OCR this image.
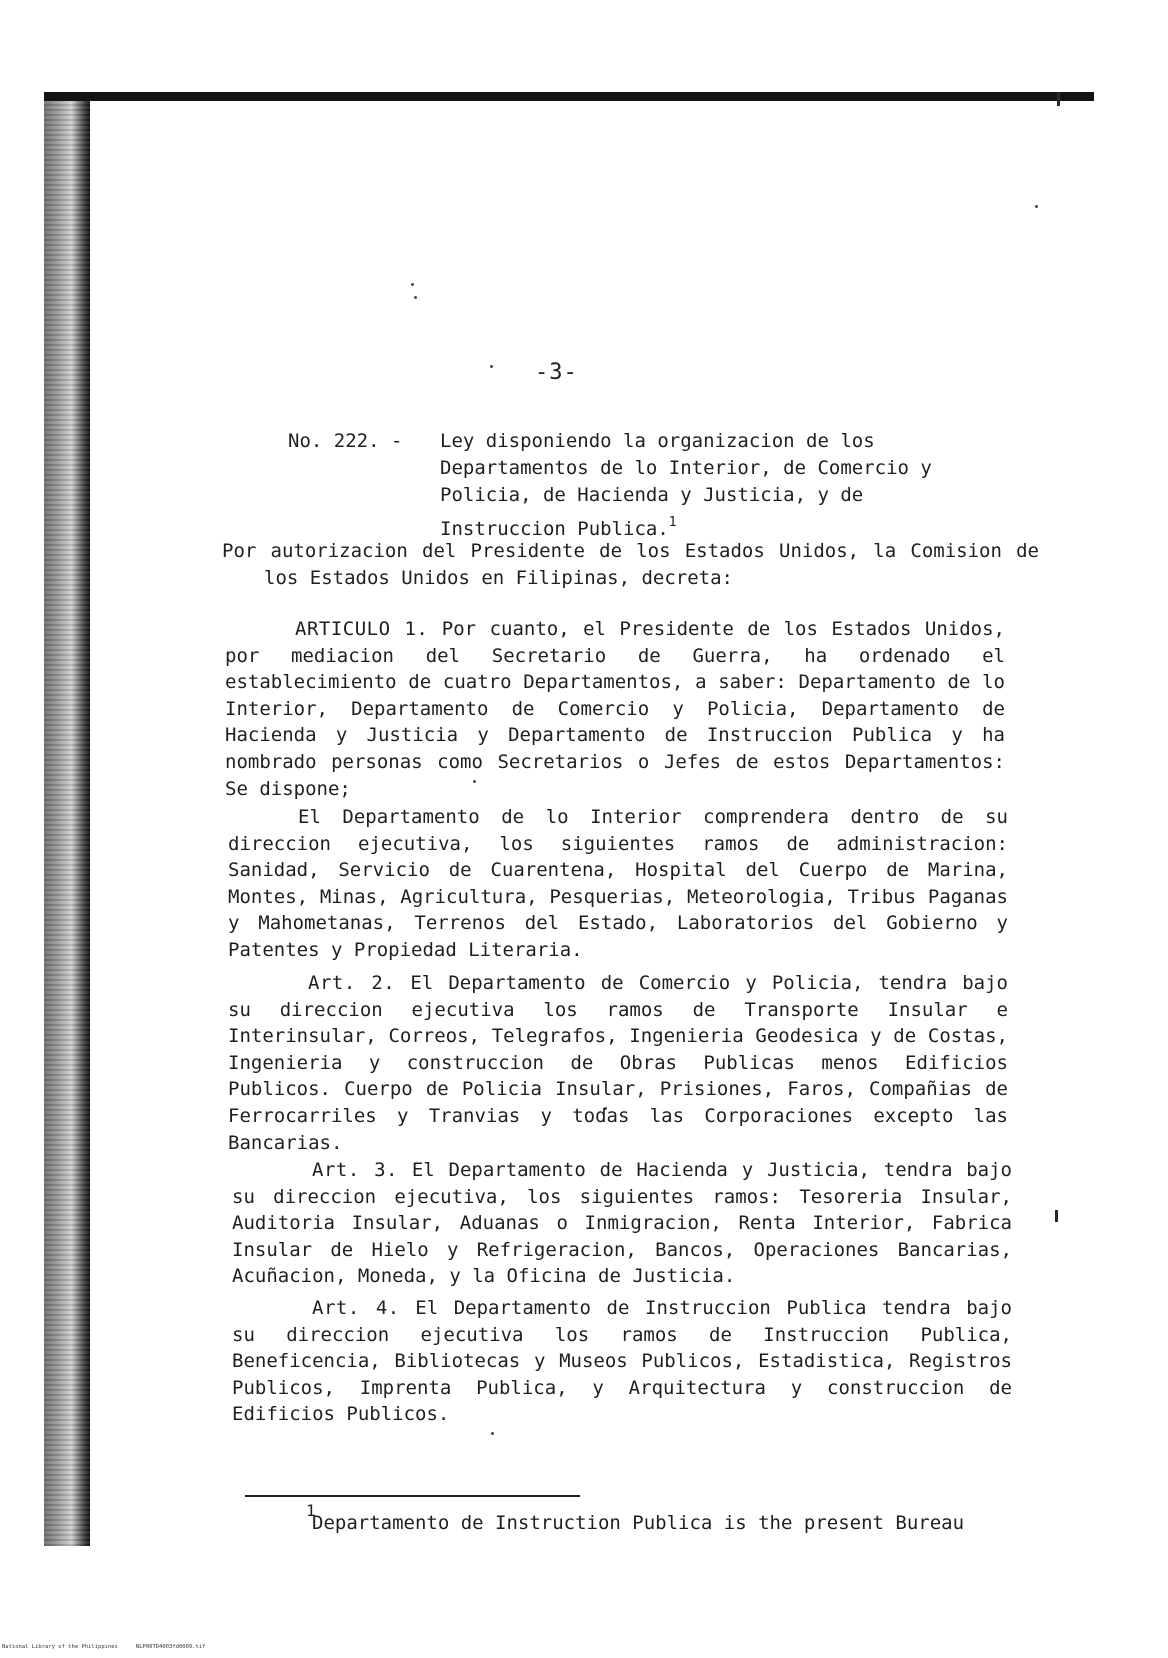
-3-
No. 222. - Ley disponiendo la organizacion de los Departamentos de lo Interior, de Comercio y Policia, de Hacienda y Justicia, y de Instruccion Publica.$^1$

Por autorizacion del Presidente de los Estados Unidos, la Comision de los Estados Unidos en Filipinas, decreta:

ARTICULO 1. Por cuanto, el Presidente de los Estados Unidos, por mediacion del Secretario de Guerra, ha ordenado el establecimiento de cuatro Departamentos, a saber: Departamento de lo Interior, Departamento de Comercio y Policia, Departamento de Hacienda y Justicia y Departamento de Instruccion Publica y ha nombrado personas como Secretarios o Jefes de estos Departamentos: Se dispone;

El Departamento de lo Interior comprendera dentro de su direccion ejecutiva, los siguientes ramos de administracion: Sanidad, Servicio de Cuarentena, Hospital del Cuerpo de Marina, Montes, Minas, Agricultura, Pesquerias, Meteorologia, Tribus Paganas y Mahometanas, Terrenos del Estado, Laboratorios del Gobierno y Patentes y Propiedad Literaria.

Art. 2. El Departamento de Comercio y Policia, tendra bajo su direccion ejecutiva los ramos de Transporte Insular e Interinsular, Correos, Telegrafos, Ingenieria Geodesica y de Costas, Ingenieria y construccion de Obras Publicas menos Edificios Publicos. Cuerpo de Policia Insular, Prisiones, Faros, Compañias de Ferrocarriles y Tranvias y todas las Corporaciones excepto las Bancarias.

Art. 3. El Departamento de Hacienda y Justicia, tendra bajo su direccion ejecutiva, los siguientes ramos: Tesoreria Insular, Auditoria Insular, Aduanas o Inmigracion, Renta Interior, Fabrica Insular de Hielo y Refrigeracion, Bancos, Operaciones Bancarias, Acuñacion, Moneda, y la Oficina de Justicia.

Art. 4. El Departamento de Instruccion Publica tendra bajo su direccion ejecutiva los ramos de Instruccion Publica, Beneficencia, Bibliotecas y Museos Publicos, Estadistica, Registros Publicos, Imprenta Publica, y Arquitectura y construccion de Edificios Publicos.

1
Departamento de Instruction Publica is the present Bureau
National Library of the Philippines	NLP00TD4003fd0009.tif
